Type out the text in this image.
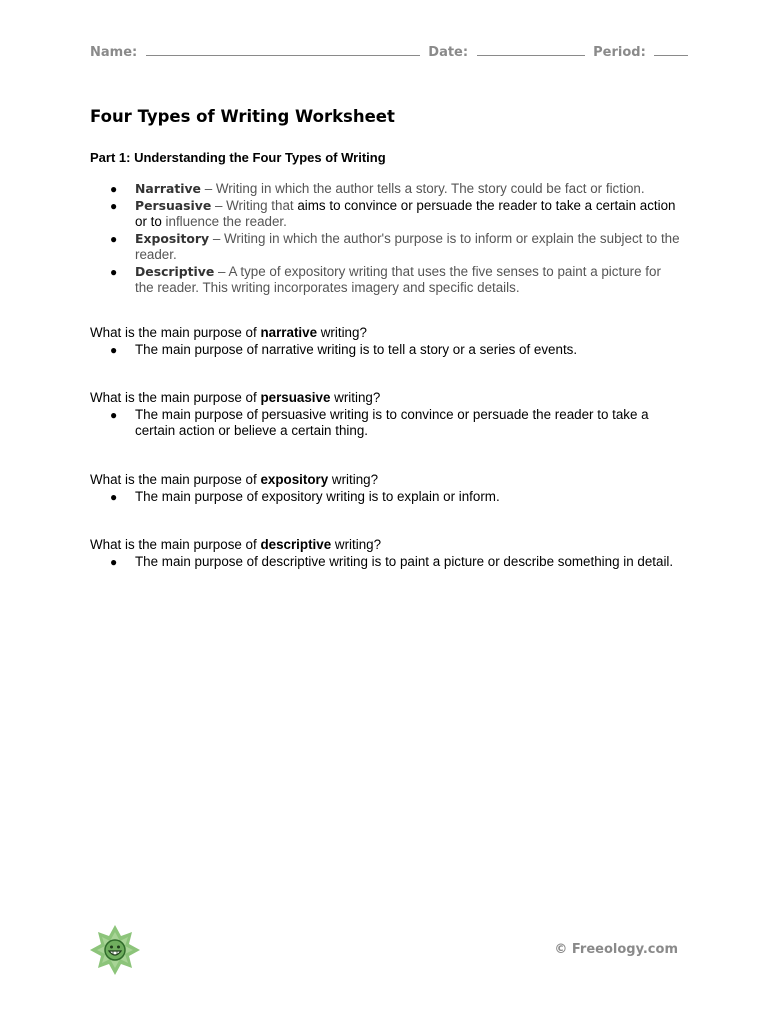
Name:	Date:	Period:
Four Types of Writing Worksheet
Part 1: Understanding the Four Types of Writing
● Narrative – Writing in which the author tells a story. The story could be fact or fiction.
● Persuasive – Writing that aims to convince or persuade the reader to take a certain action or to influence the reader.
● Expository – Writing in which the author's purpose is to inform or explain the subject to the reader.
● Descriptive – A type of expository writing that uses the five senses to paint a picture for the reader. This writing incorporates imagery and specific details.
What is the main purpose of narrative writing?
● The main purpose of narrative writing is to tell a story or a series of events.
What is the main purpose of persuasive writing?
● The main purpose of persuasive writing is to convince or persuade the reader to take a certain action or believe a certain thing.
What is the main purpose of expository writing?
● The main purpose of expository writing is to explain or inform.
What is the main purpose of descriptive writing?
● The main purpose of descriptive writing is to paint a picture or describe something in detail.
© Freeology.com
